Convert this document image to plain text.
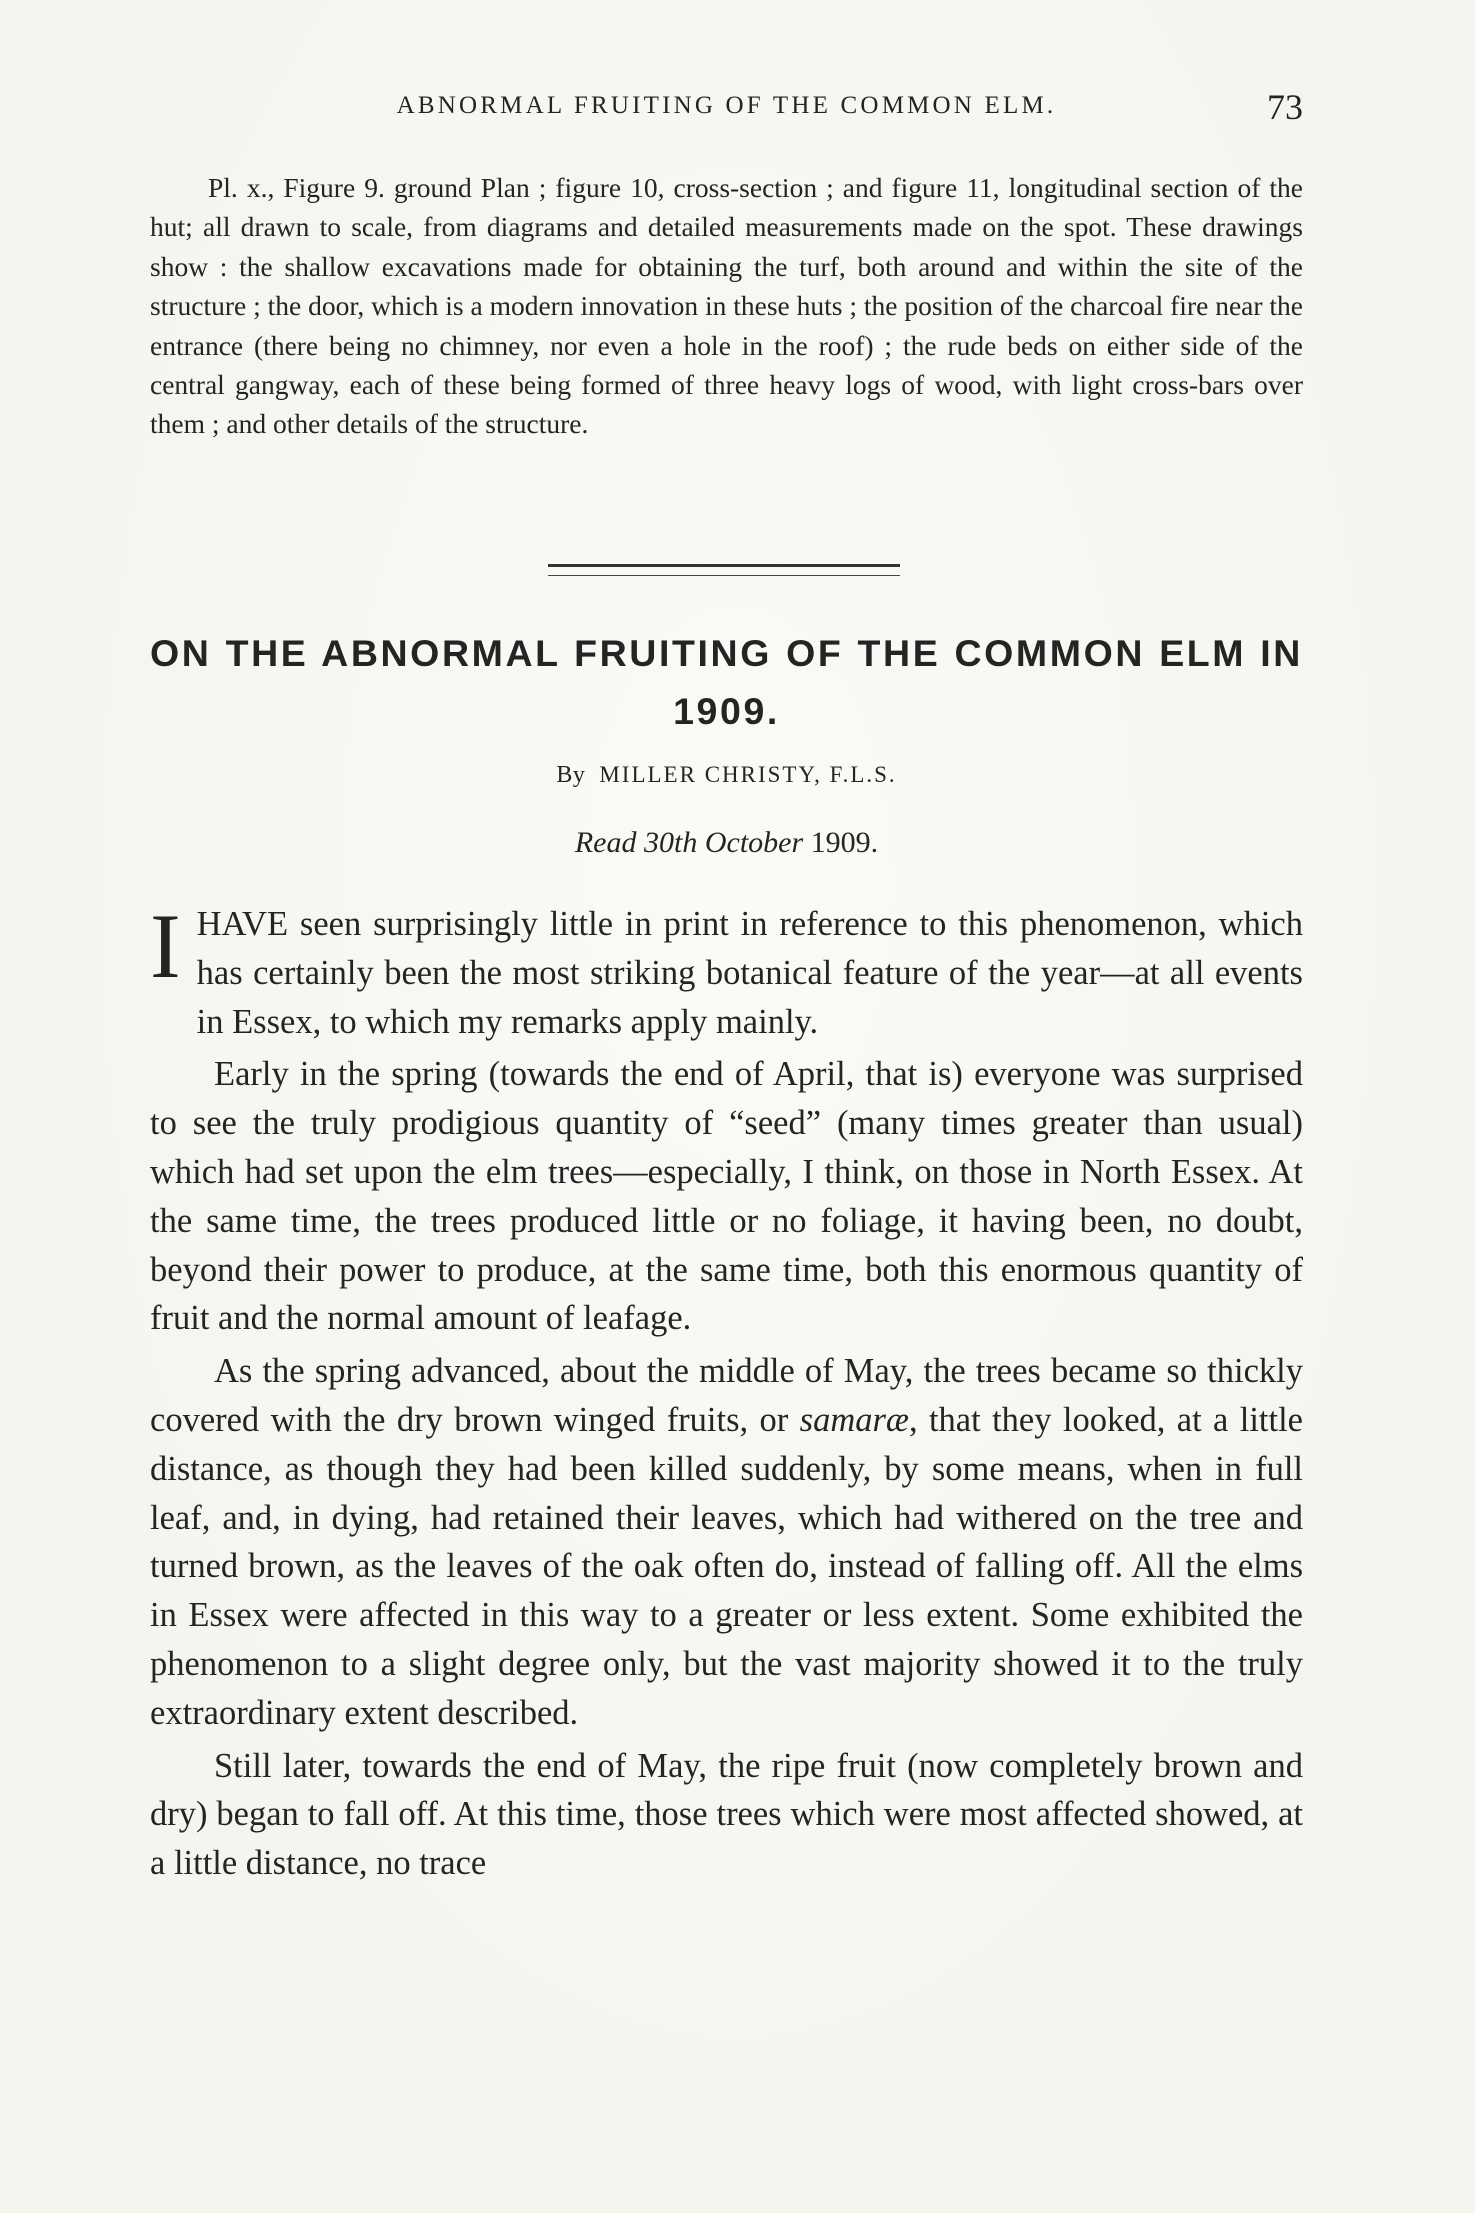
ABNORMAL FRUITING OF THE COMMON ELM.	73

Pl. x., Figure 9. ground Plan ; figure 10, cross-section ; and figure 11, longitudinal section of the hut; all drawn to scale, from diagrams and detailed measurements made on the spot. These drawings show : the shallow excavations made for obtaining the turf, both around and within the site of the structure ; the door, which is a modern innovation in these huts ; the position of the charcoal fire near the entrance (there being no chimney, nor even a hole in the roof) ; the rude beds on either side of the central gangway, each of these being formed of three heavy logs of wood, with light cross-bars over them ; and other details of the structure.

ON THE ABNORMAL FRUITING OF THE COMMON ELM IN 1909.
By MILLER CHRISTY, F.L.S.
Read 30th October 1909.

IHAVE seen surprisingly little in print in reference to this phenomenon, which has certainly been the most striking botanical feature of the year—at all events in Essex, to which my remarks apply mainly.

Early in the spring (towards the end of April, that is) everyone was surprised to see the truly prodigious quantity of “seed” (many times greater than usual) which had set upon the elm trees—especially, I think, on those in North Essex. At the same time, the trees produced little or no foliage, it having been, no doubt, beyond their power to produce, at the same time, both this enormous quantity of fruit and the normal amount of leafage.

As the spring advanced, about the middle of May, the trees became so thickly covered with the dry brown winged fruits, or samaræ, that they looked, at a little distance, as though they had been killed suddenly, by some means, when in full leaf, and, in dying, had retained their leaves, which had withered on the tree and turned brown, as the leaves of the oak often do, instead of falling off. All the elms in Essex were affected in this way to a greater or less extent. Some exhibited the phenomenon to a slight degree only, but the vast majority showed it to the truly extraordinary extent described.

Still later, towards the end of May, the ripe fruit (now completely brown and dry) began to fall off. At this time, those trees which were most affected showed, at a little distance, no trace
